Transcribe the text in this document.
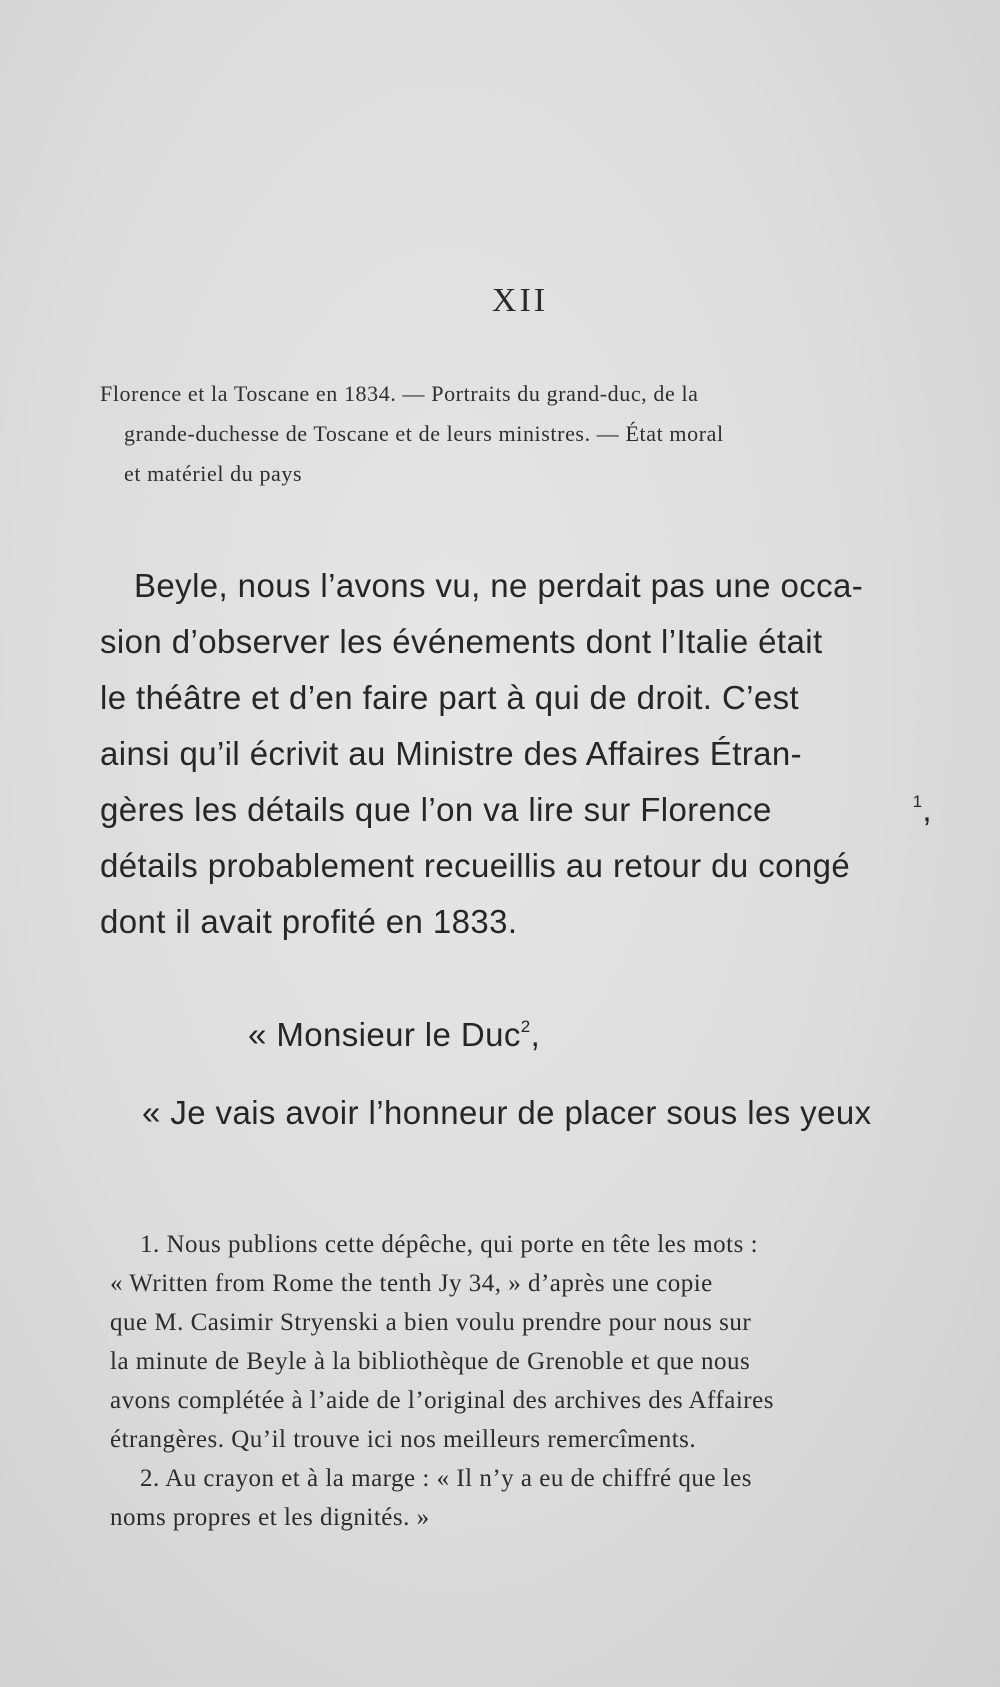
XII
Florence et la Toscane en 1834. — Portraits du grand-duc, de la
grande-duchesse de Toscane et de leurs ministres. — État moral
et matériel du pays
Beyle, nous l’avons vu, ne perdait pas une occa-
sion d’observer les événements dont l’Italie était
le théâtre et d’en faire part à qui de droit. C’est
ainsi qu’il écrivit au Ministre des Affaires Étran-
gères les détails que l’on va lire sur Florence	$^1$,
détails probablement recueillis au retour du congé
dont il avait profité en 1833.
« Monsieur le Duc$^2$,
« Je vais avoir l’honneur de placer sous les yeux
1. Nous publions cette dépêche, qui porte en tête les mots :
« Written from Rome the tenth Jy 34, » d’après une copie
que M. Casimir Stryenski a bien voulu prendre pour nous sur
la minute de Beyle à la bibliothèque de Grenoble et que nous
avons complétée à l’aide de l’original des archives des Affaires
étrangères. Qu’il trouve ici nos meilleurs remercîments.
2. Au crayon et à la marge : « Il n’y a eu de chiffré que les
noms propres et les dignités. »
